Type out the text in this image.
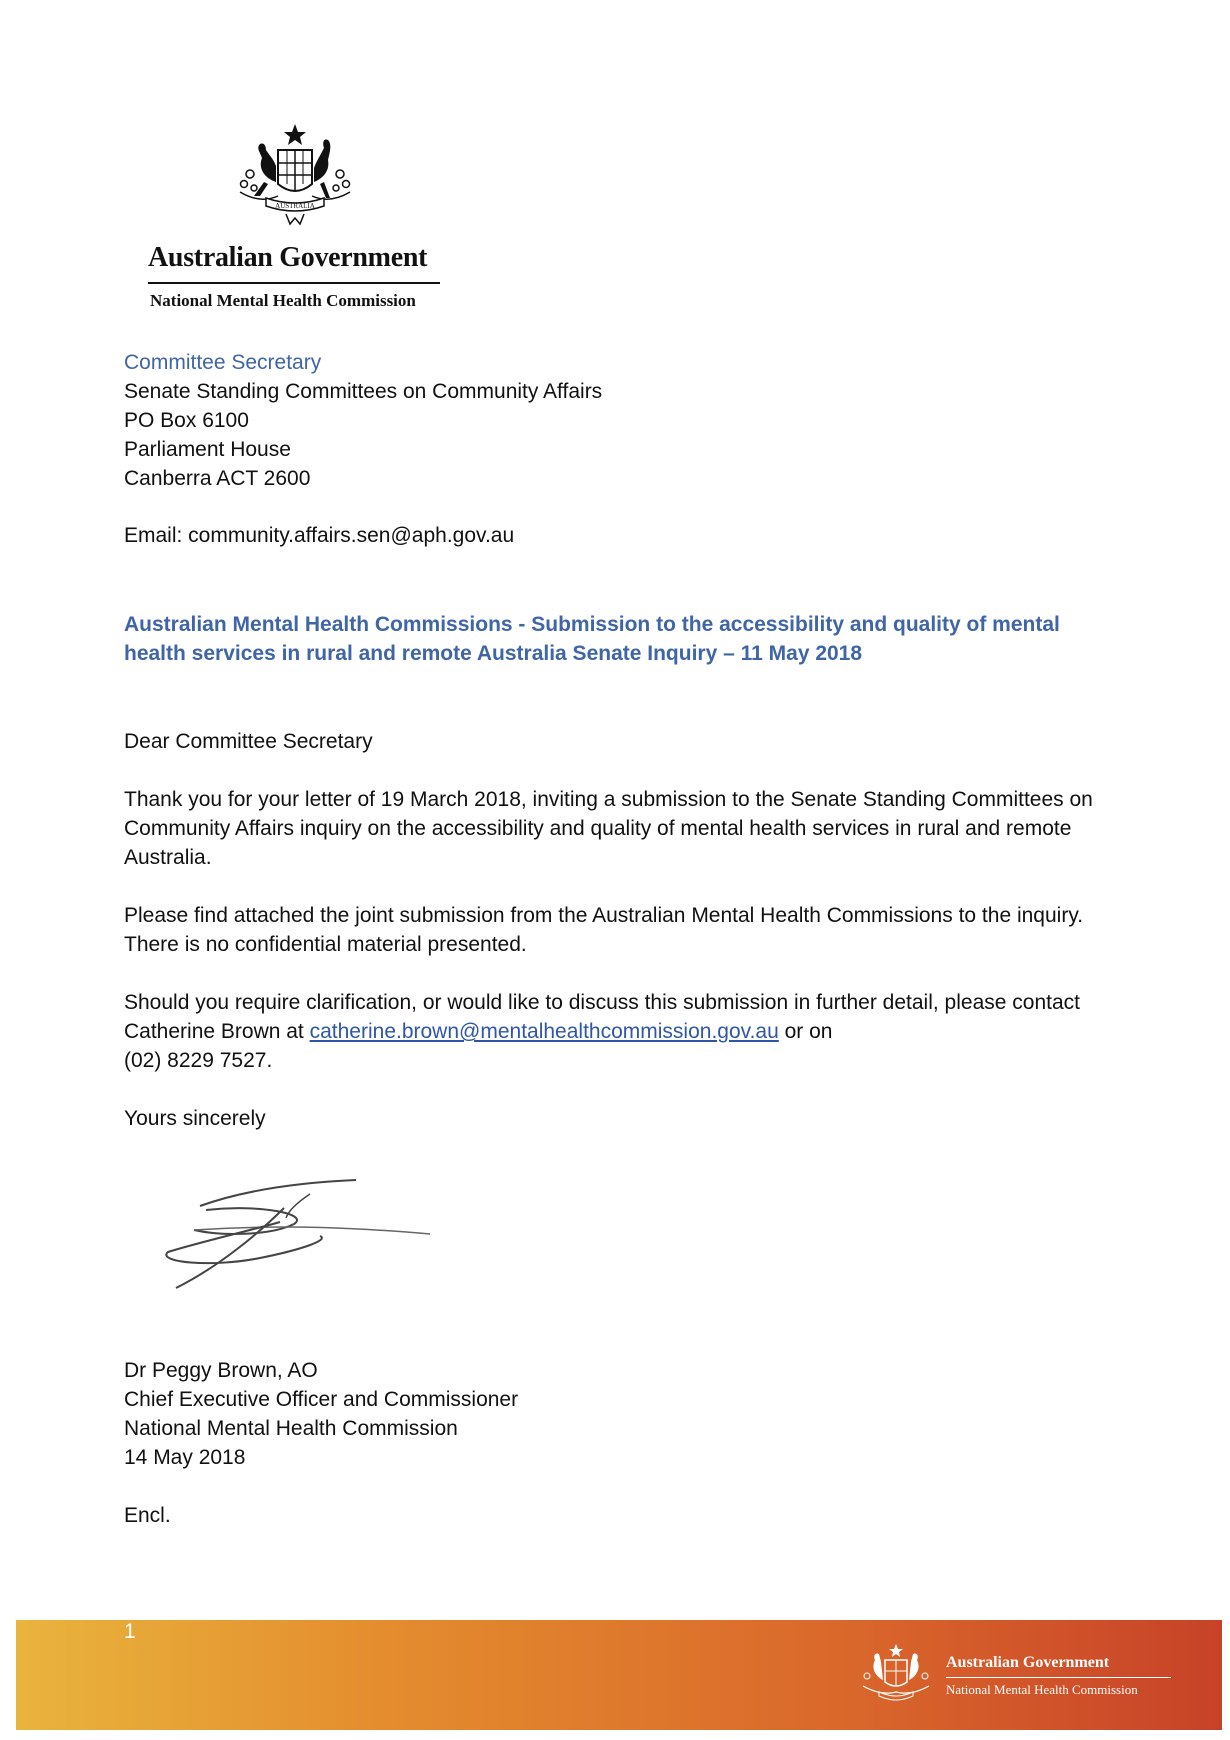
AUSTRALIA
Australian Government
National Mental Health Commission
Committee Secretary
Senate Standing Committees on Community Affairs
PO Box 6100
Parliament House
Canberra ACT 2600
Email: community.affairs.sen@aph.gov.au
Australian Mental Health Commissions - Submission to the accessibility and quality of mental health services in rural and remote Australia Senate Inquiry – 11 May 2018
Dear Committee Secretary
Thank you for your letter of 19 March 2018, inviting a submission to the Senate Standing Committees on Community Affairs inquiry on the accessibility and quality of mental health services in rural and remote Australia.
Please find attached the joint submission from the Australian Mental Health Commissions to the inquiry. There is no confidential material presented.
Should you require clarification, or would like to discuss this submission in further detail, please contact Catherine Brown at catherine.brown@mentalhealthcommission.gov.au or on
(02) 8229 7527.
Yours sincerely
Dr Peggy Brown, AO
Chief Executive Officer and Commissioner
National Mental Health Commission
14 May 2018
Encl.
1
Australian Government
National Mental Health Commission
